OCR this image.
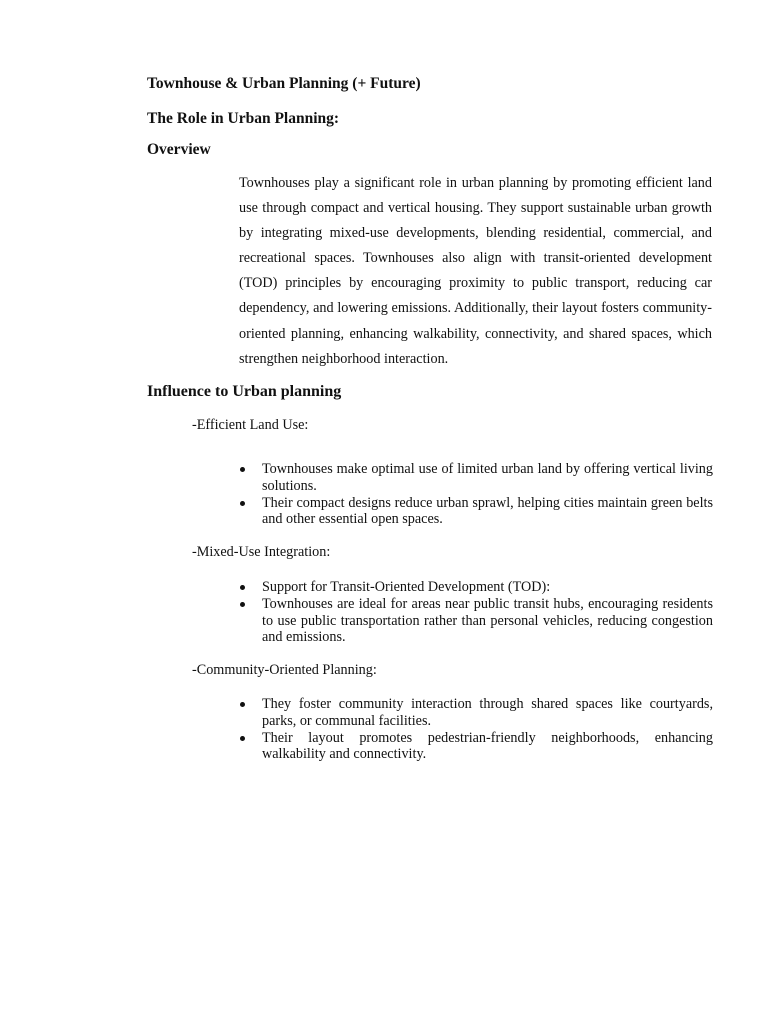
Townhouse & Urban Planning (+ Future)
The Role in Urban Planning:
Overview
Townhouses play a significant role in urban planning by promoting efficient land use through compact and vertical housing. They support sustainable urban growth by integrating mixed-use developments, blending residential, commercial, and recreational spaces. Townhouses also align with transit-oriented development (TOD) principles by encouraging proximity to public transport, reducing car dependency, and lowering emissions. Additionally, their layout fosters community-oriented planning, enhancing walkability, connectivity, and shared spaces, which strengthen neighborhood interaction.
Influence to Urban planning
-Efficient Land Use:
Townhouses make optimal use of limited urban land by offering vertical living solutions.
Their compact designs reduce urban sprawl, helping cities maintain green belts and other essential open spaces.
-Mixed-Use Integration:
Support for Transit-Oriented Development (TOD):
Townhouses are ideal for areas near public transit hubs, encouraging residents to use public transportation rather than personal vehicles, reducing congestion and emissions.
-Community-Oriented Planning:
They foster community interaction through shared spaces like courtyards, parks, or communal facilities.
Their layout promotes pedestrian-friendly neighborhoods, enhancing walkability and connectivity.
